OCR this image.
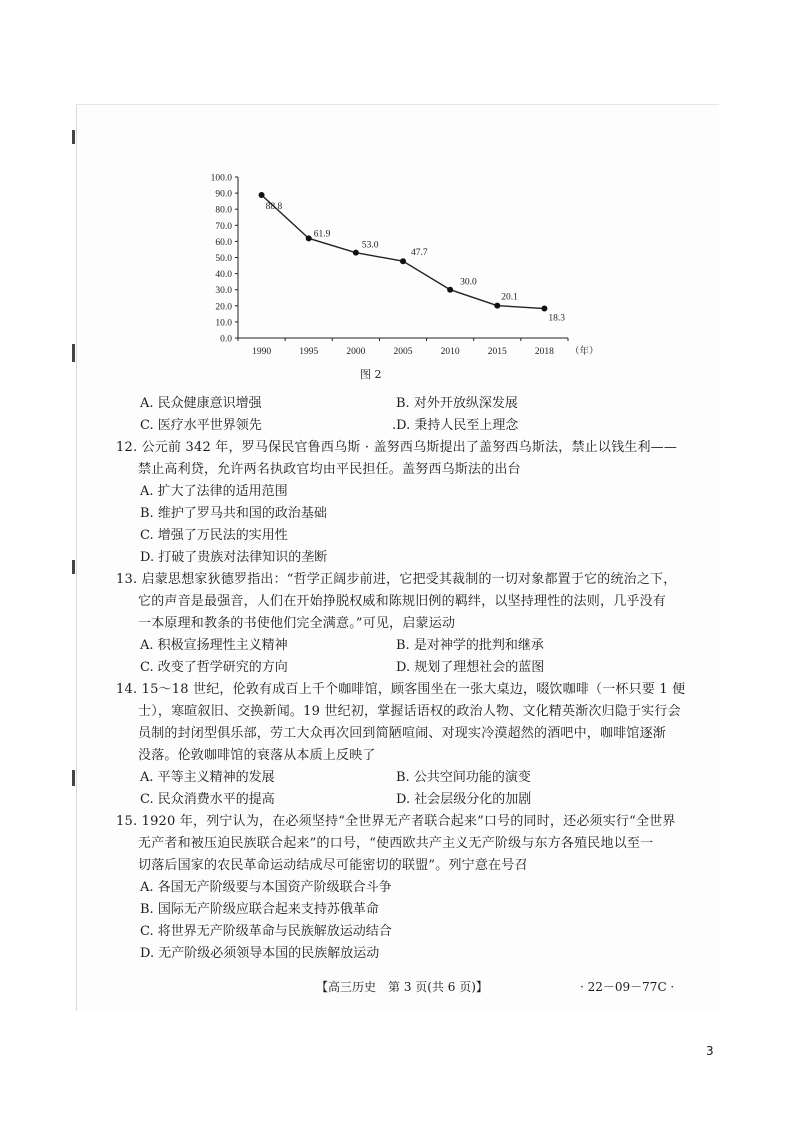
100.0
90.0
80.0
70.0
60.0
50.0
40.0
30.0
20.0
10.0
0.0
1990	1995	2000	2005	2010	2015	2018 （年）
88.8
61.9
53.0
47.7
30.0
20.1
18.3
图 2
A. 民众健康意识增强	B. 对外开放纵深发展
C. 医疗水平世界领先	.D. 秉持人民至上理念
12. 公元前 342 年，罗马保民官鲁西乌斯 · 盖努西乌斯提出了盖努西乌斯法，禁止以钱生利——
禁止高利贷，允许两名执政官均由平民担任。盖努西乌斯法的出台
A. 扩大了法律的适用范围
B. 维护了罗马共和国的政治基础
C. 增强了万民法的实用性
D. 打破了贵族对法律知识的垄断
13. 启蒙思想家狄德罗指出：“哲学正阔步前进，它把受其裁制的一切对象都置于它的统治之下，
它的声音是最强音，人们在开始挣脱权威和陈规旧例的羁绊，以坚持理性的法则，几乎没有
一本原理和教条的书使他们完全满意。”可见，启蒙运动
A. 积极宣扬理性主义精神	B. 是对神学的批判和继承
C. 改变了哲学研究的方向	D. 规划了理想社会的蓝图
14. 15～18 世纪，伦敦有成百上千个咖啡馆，顾客围坐在一张大桌边，啜饮咖啡（一杯只要 1 便
士），寒暄叙旧、交换新闻。19 世纪初，掌握话语权的政治人物、文化精英渐次归隐于实行会
员制的封闭型俱乐部，劳工大众再次回到简陋喧闹、对现实冷漠超然的酒吧中，咖啡馆逐渐
没落。伦敦咖啡馆的衰落从本质上反映了
A. 平等主义精神的发展	B. 公共空间功能的演变
C. 民众消费水平的提高	D. 社会层级分化的加剧
15. 1920 年，列宁认为，在必须坚持“全世界无产者联合起来”口号的同时，还必须实行“全世界
无产者和被压迫民族联合起来”的口号，“使西欧共产主义无产阶级与东方各殖民地以至一
切落后国家的农民革命运动结成尽可能密切的联盟”。列宁意在号召
A. 各国无产阶级要与本国资产阶级联合斗争
B. 国际无产阶级应联合起来支持苏俄革命
C. 将世界无产阶级革命与民族解放运动结合
D. 无产阶级必须领导本国的民族解放运动
【高三历史　第 3 页(共 6 页)】	· 22－09－77C ·
3
